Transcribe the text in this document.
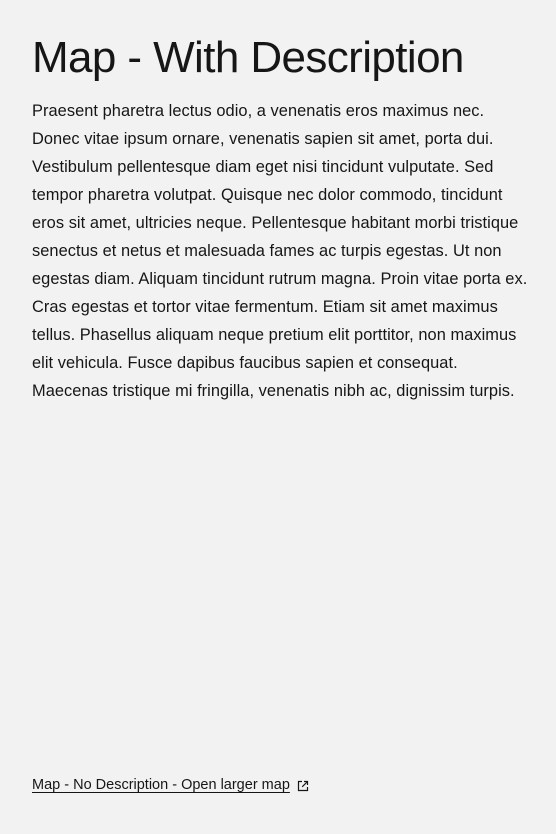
Map - With Description

Praesent pharetra lectus odio, a venenatis eros maximus nec. Donec vitae ipsum ornare, venenatis sapien sit amet, porta dui. Vestibulum pellentesque diam eget nisi tincidunt vulputate. Sed tempor pharetra volutpat. Quisque nec dolor commodo, tincidunt eros sit amet, ultricies neque. Pellentesque habitant morbi tristique senectus et netus et malesuada fames ac turpis egestas. Ut non egestas diam. Aliquam tincidunt rutrum magna. Proin vitae porta ex. Cras egestas et tortor vitae fermentum. Etiam sit amet maximus tellus. Phasellus aliquam neque pretium elit porttitor, non maximus elit vehicula. Fusce dapibus faucibus sapien et consequat. Maecenas tristique mi fringilla, venenatis nibh ac, dignissim turpis.

Map - No Description - Open larger map
